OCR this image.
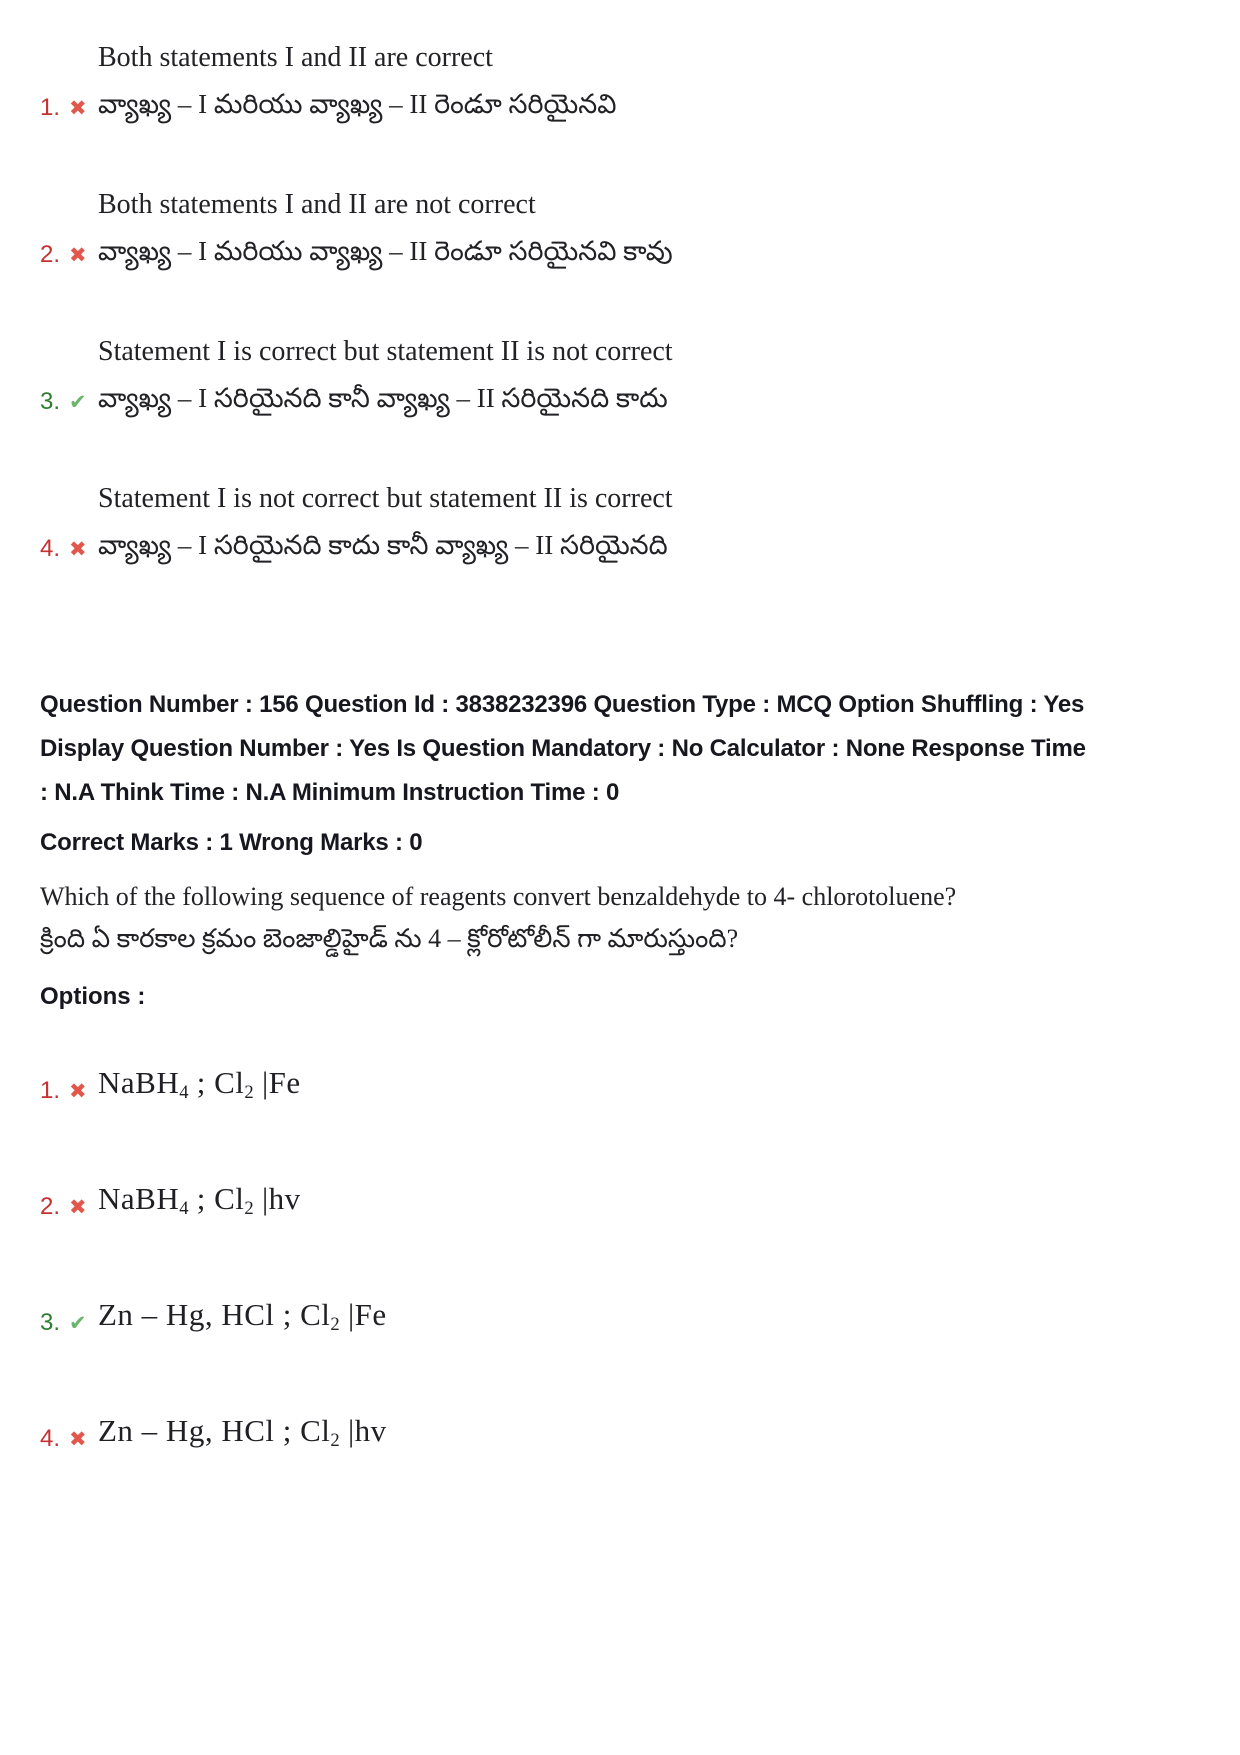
1. ✖
Both statements I and II are correct
వ్యాఖ్య – I మరియు వ్యాఖ్య – II రెండూ సరియైనవి
2. ✖
Both statements I and II are not correct
వ్యాఖ్య – I మరియు వ్యాఖ్య – II రెండూ సరియైనవి కావు
3. ✔
Statement I is correct but statement II is not correct
వ్యాఖ్య – I సరియైనది కానీ వ్యాఖ్య – II సరియైనది కాదు
4. ✖
Statement I is not correct but statement II is correct
వ్యాఖ్య – I సరియైనది కాదు కానీ వ్యాఖ్య – II సరియైనది

Question Number : 156 Question Id : 3838232396 Question Type : MCQ Option Shuffling : Yes

Display Question Number : Yes Is Question Mandatory : No Calculator : None Response Time

: N.A Think Time : N.A Minimum Instruction Time : 0

Correct Marks : 1 Wrong Marks : 0

Which of the following sequence of reagents convert benzaldehyde to 4- chlorotoluene?
క్రింది ఏ కారకాల క్రమం బెంజాల్డిహైడ్ ను 4 – క్లోరోటోలీన్ గా మారుస్తుంది?
Options :
1. ✖ NaBH4 ; Cl2 |Fe
2. ✖ NaBH4 ; Cl2 |hv
3. ✔ Zn – Hg, HCl ; Cl2 |Fe
4. ✖ Zn – Hg, HCl ; Cl2 |hv
